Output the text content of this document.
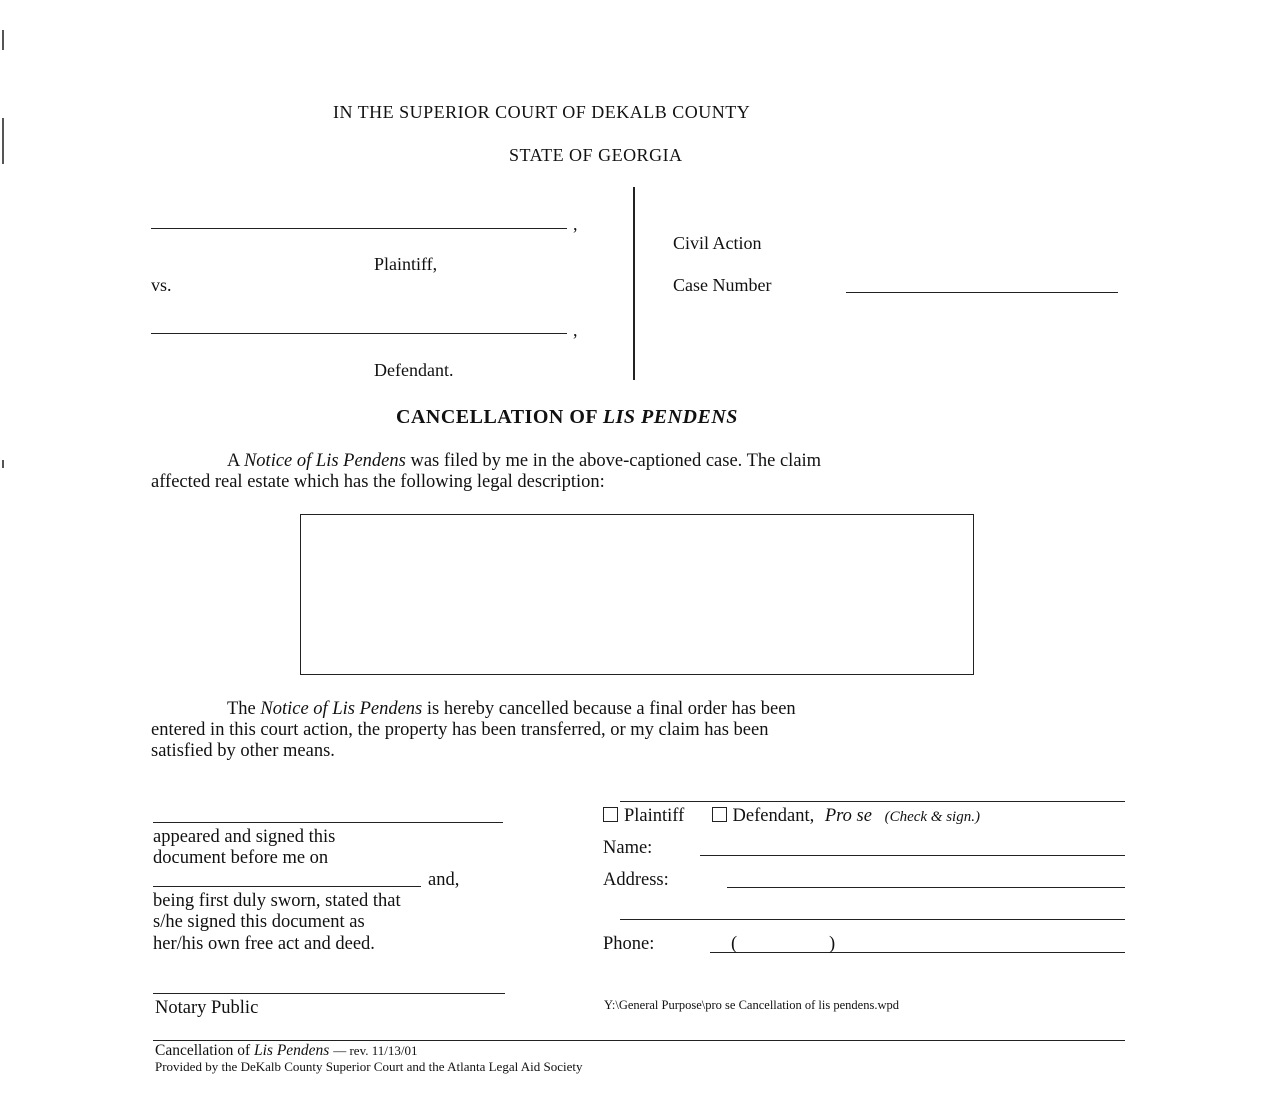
IN THE SUPERIOR COURT OF DEKALB COUNTY
STATE OF GEORGIA
,
Plaintiff,
vs.
,
Defendant.
Civil Action
Case Number
CANCELLATION OF LIS PENDENS
A Notice of Lis Pendens was filed by me in the above-captioned case. The claim
affected real estate which has the following legal description:
The Notice of Lis Pendens is hereby cancelled because a final order has been
entered in this court action, the property has been transferred, or my claim has been
satisfied by other means.
appeared and signed this
document before me on
and,
being first duly sworn, stated that
s/he signed this document as
her/his own free act and deed.
Notary Public
Plaintiff	Defendant, Pro se (Check & sign.)
Name:
Address:
Phone:	(	)
Y:\General Purpose\pro se Cancellation of lis pendens.wpd
Cancellation of Lis Pendens — rev. 11/13/01
Provided by the DeKalb County Superior Court and the Atlanta Legal Aid Society
